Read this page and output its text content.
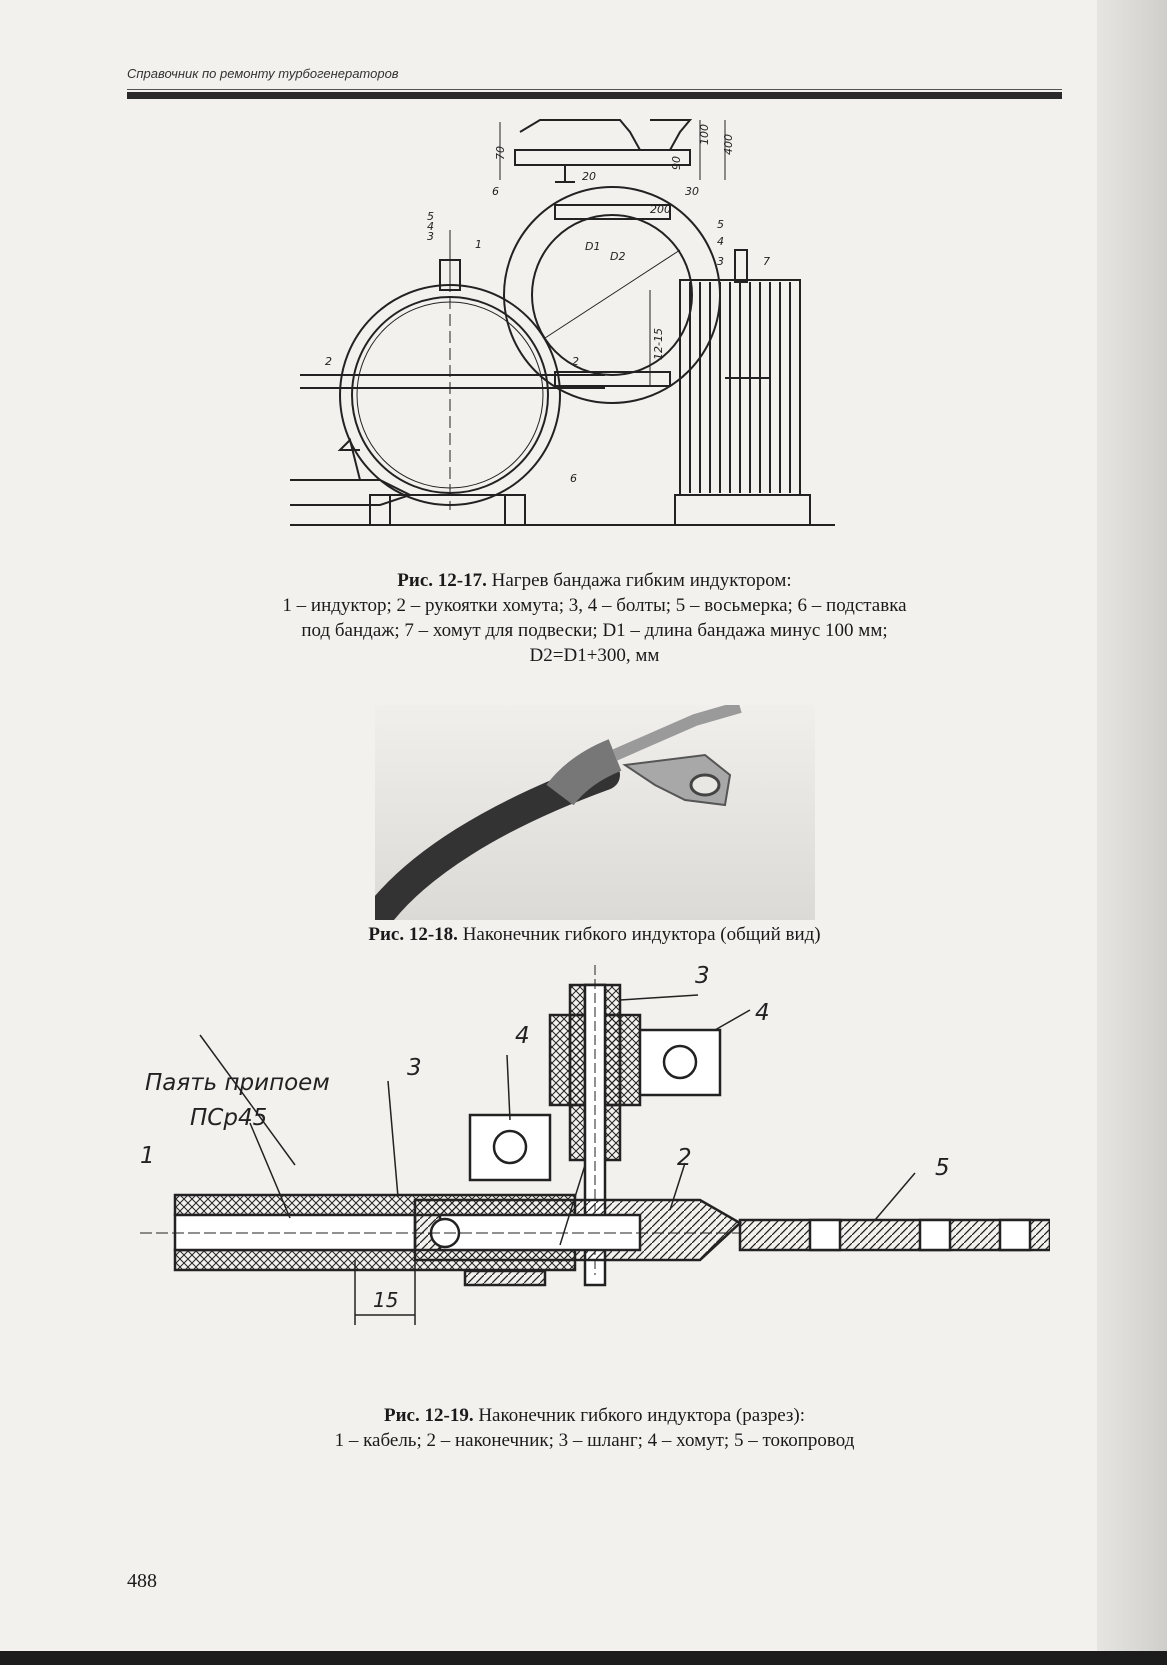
Справочник по ремонту турбогенераторов
70
90
100 400
20
30
200
D1
D2
12-15
1
2	2
3
4
5
6
6
3
4
5
7
Рис. 12-17. Нагрев бандажа гибким индуктором:
1 – индуктор; 2 – рукоятки хомута; 3, 4 – болты; 5 – восьмерка; 6 – подставка
под бандаж; 7 – хомут для подвески; D1 – длина бандажа минус 100 мм;
D2=D1+300, мм
Рис. 12-18. Наконечник гибкого индуктора (общий вид)
Паять припоем
ПСр45
1	2
3
3
4
4
5
15
Рис. 12-19. Наконечник гибкого индуктора (разрез):
1 – кабель; 2 – наконечник; 3 – шланг; 4 – хомут; 5 – токопровод
488
